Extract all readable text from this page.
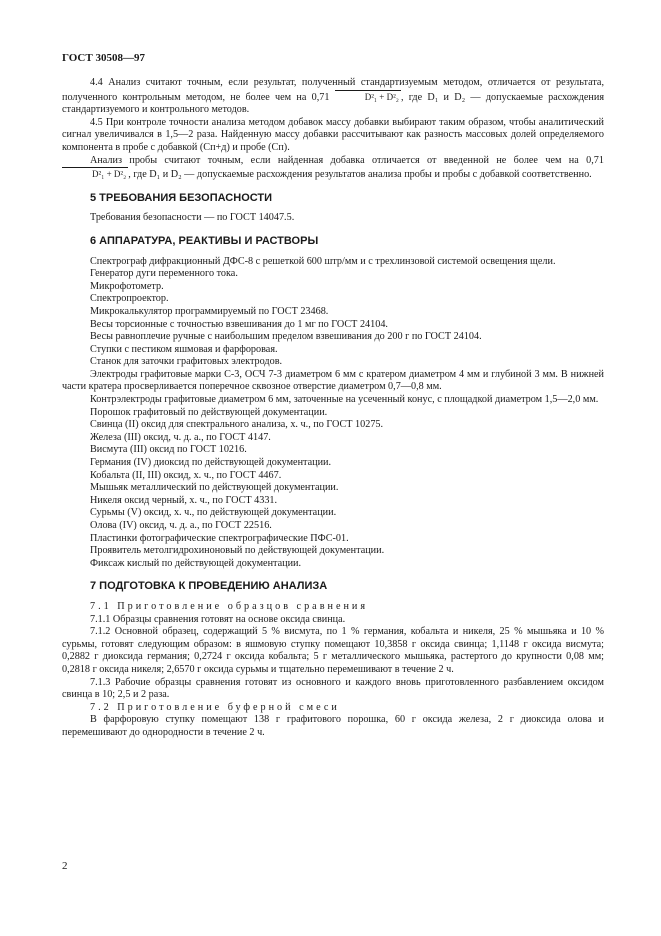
ГОСТ 30508—97

4.4 Анализ считают точным, если результат, полученный стандартизуемым методом, отличается от результата, полученного контрольным методом, не более чем на 0,71	D²₁ + D²₂ , где D₁ и D₂ — допускаемые расхождения стандартизуемого и контрольного методов.

4.5 При контроле точности анализа методом добавок массу добавки выбирают таким образом, чтобы аналитический сигнал увеличивался в 1,5—2 раза. Найденную массу добавки рассчитывают как разность массовых долей определяемого компонента в пробе с добавкой (Сп+д) и пробе (Сп).

Анализ пробы считают точным, если найденная добавка отличается от введенной не более чем на 0,71 D²₁ + D²₂ , где D₁ и D₂ — допускаемые расхождения результатов анализа пробы и пробы с добавкой соответственно.

5 ТРЕБОВАНИЯ БЕЗОПАСНОСТИ

Требования безопасности — по ГОСТ 14047.5.

6 АППАРАТУРА, РЕАКТИВЫ И РАСТВОРЫ

Спектрограф дифракционный ДФС-8 с решеткой 600 штр/мм и с трехлинзовой системой освещения щели.

Генератор дуги переменного тока.

Микрофотометр.

Спектропроектор.

Микрокалькулятор программируемый по ГОСТ 23468.

Весы торсионные с точностью взвешивания до 1 мг по ГОСТ 24104.

Весы равноплечие ручные с наибольшим пределом взвешивания до 200 г по ГОСТ 24104.

Ступки с пестиком яшмовая и фарфоровая.

Станок для заточки графитовых электродов.

Электроды графитовые марки С-3, ОСЧ 7-3 диаметром 6 мм с кратером диаметром 4 мм и глубиной 3 мм. В нижней части кратера просверливается поперечное сквозное отверстие диаметром 0,7—0,8 мм.

Контрэлектроды графитовые диаметром 6 мм, заточенные на усеченный конус, с площадкой диаметром 1,5—2,0 мм.

Порошок графитовый по действующей документации.

Свинца (II) оксид для спектрального анализа, х. ч., по ГОСТ 10275.

Железа (III) оксид, ч. д. а., по ГОСТ 4147.

Висмута (III) оксид по ГОСТ 10216.

Германия (IV) диоксид по действующей документации.

Кобальта (II, III) оксид, х. ч., по ГОСТ 4467.

Мышьяк металлический по действующей документации.

Никеля оксид черный, х. ч., по ГОСТ 4331.

Сурьмы (V) оксид, х. ч., по действующей документации.

Олова (IV) оксид, ч. д. а., по ГОСТ 22516.

Пластинки фотографические спектрографические ПФС-01.

Проявитель метолгидрохиноновый по действующей документации.

Фиксаж кислый по действующей документации.

7 ПОДГОТОВКА К ПРОВЕДЕНИЮ АНАЛИЗА

7.1 Приготовление образцов сравнения

7.1.1 Образцы сравнения готовят на основе оксида свинца.

7.1.2 Основной образец, содержащий 5 % висмута, по 1 % германия, кобальта и никеля, 25 % мышьяка и 10 % сурьмы, готовят следующим образом: в яшмовую ступку помещают 10,3858 г оксида свинца; 1,1148 г оксида висмута; 0,2882 г диоксида германия; 0,2724 г оксида кобальта; 5 г металлического мышьяка, растертого до крупности 0,08 мм; 0,2818 г оксида никеля; 2,6570 г оксида сурьмы и тщательно перемешивают в течение 2 ч.

7.1.3 Рабочие образцы сравнения готовят из основного и каждого вновь приготовленного разбавлением оксидом свинца в 10; 2,5 и 2 раза.

7.2 Приготовление буферной смеси

В фарфоровую ступку помещают 138 г графитового порошка, 60 г оксида железа, 2 г диоксида олова и перемешивают до однородности в течение 2 ч.

2
